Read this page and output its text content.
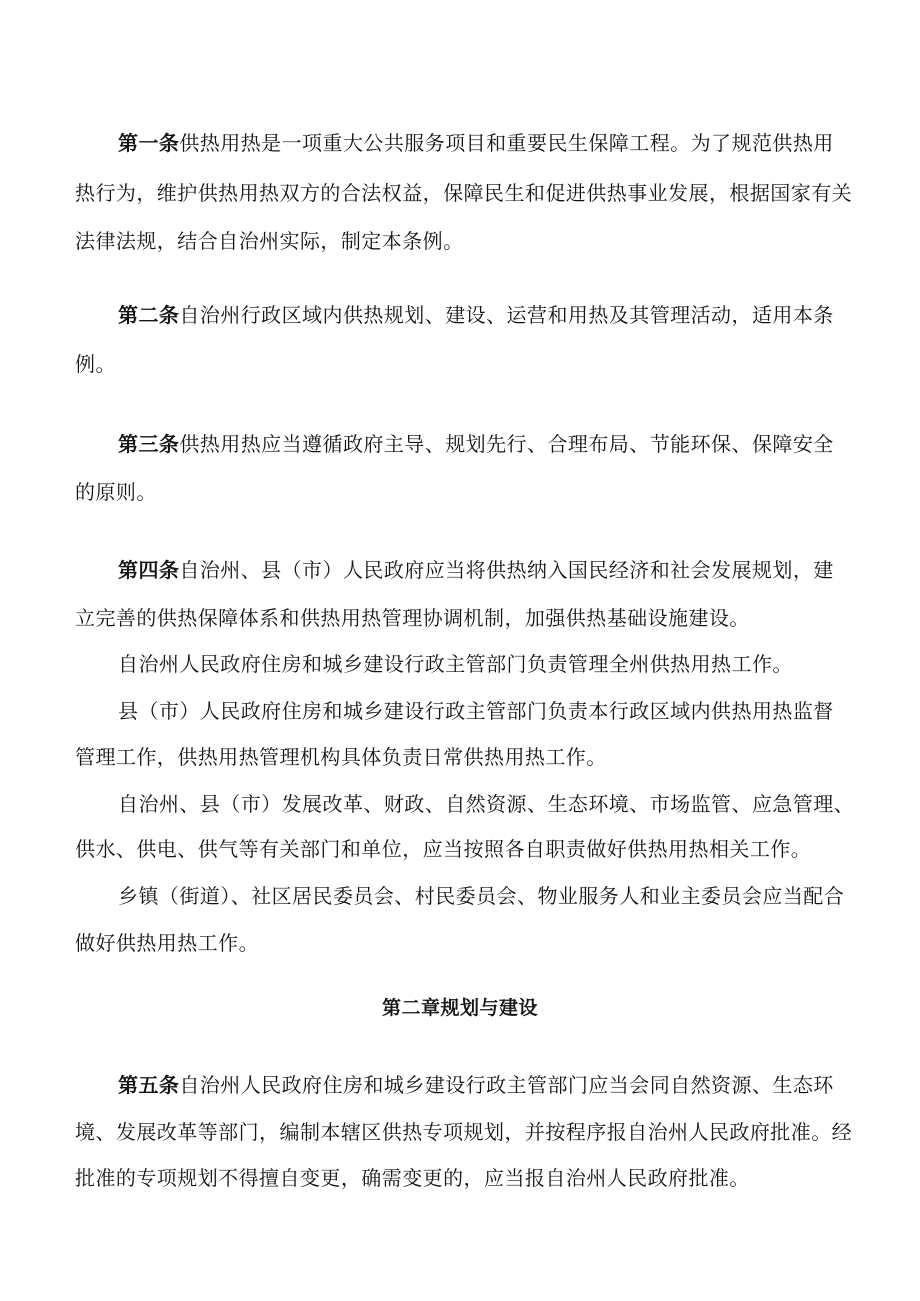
第一条供热用热是一项重大公共服务项目和重要民生保障工程。为了规范供热用
热行为，维护供热用热双方的合法权益，保障民生和促进供热事业发展，根据国家有关
法律法规，结合自治州实际，制定本条例。
第二条自治州行政区域内供热规划、建设、运营和用热及其管理活动，适用本条
例。
第三条供热用热应当遵循政府主导、规划先行、合理布局、节能环保、保障安全
的原则。
第四条自治州、县（市）人民政府应当将供热纳入国民经济和社会发展规划，建
立完善的供热保障体系和供热用热管理协调机制，加强供热基础设施建设。
自治州人民政府住房和城乡建设行政主管部门负责管理全州供热用热工作。
县（市）人民政府住房和城乡建设行政主管部门负责本行政区域内供热用热监督
管理工作，供热用热管理机构具体负责日常供热用热工作。
自治州、县（市）发展改革、财政、自然资源、生态环境、市场监管、应急管理、
供水、供电、供气等有关部门和单位，应当按照各自职责做好供热用热相关工作。
乡镇（街道）、社区居民委员会、村民委员会、物业服务人和业主委员会应当配合
做好供热用热工作。
第二章规划与建设
第五条自治州人民政府住房和城乡建设行政主管部门应当会同自然资源、生态环
境、发展改革等部门，编制本辖区供热专项规划，并按程序报自治州人民政府批准。经
批准的专项规划不得擅自变更，确需变更的，应当报自治州人民政府批准。
